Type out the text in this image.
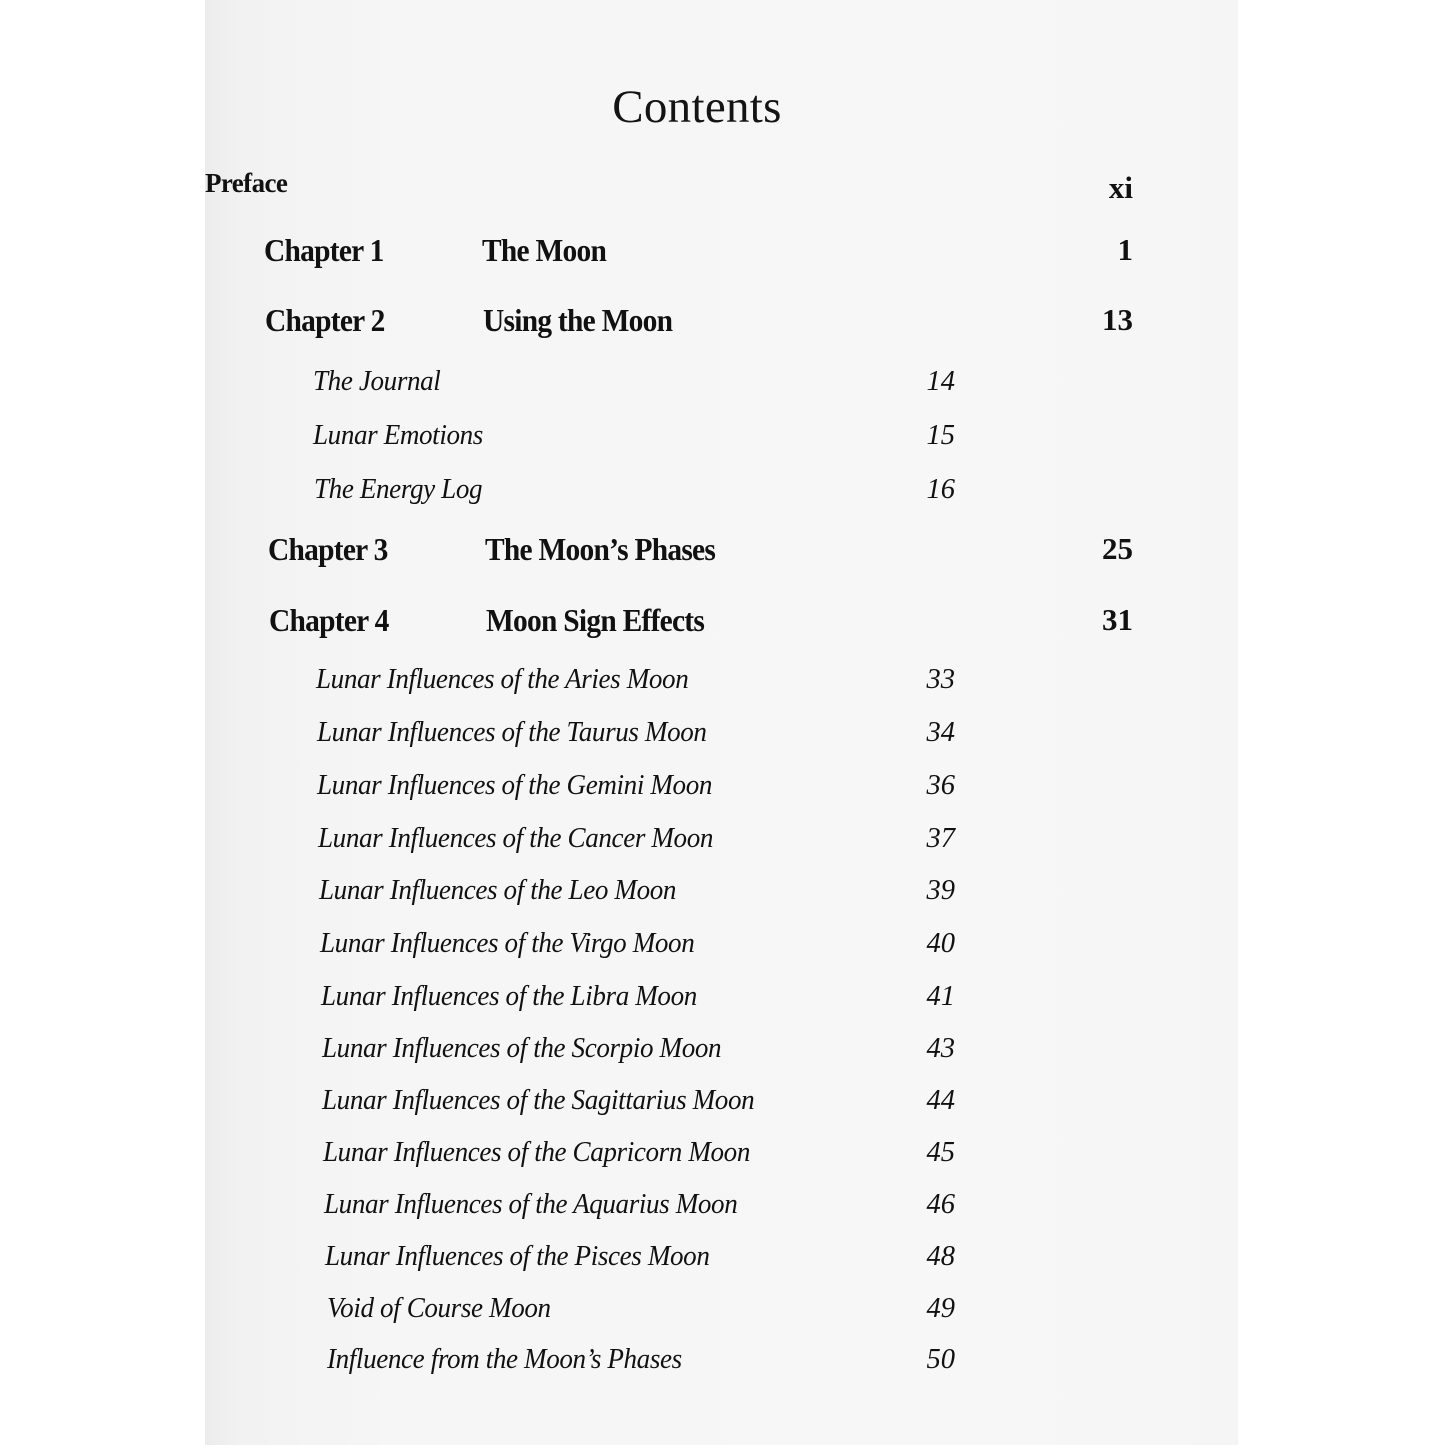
Contents
Preface	xi
Chapter 1	The Moon	1
Chapter 2	Using the Moon	13
The Journal	14
Lunar Emotions	15
The Energy Log	16
Chapter 3	The Moon’s Phases	25
Chapter 4	Moon Sign Effects	31
Lunar Influences of the Aries Moon	33
Lunar Influences of the Taurus Moon	34
Lunar Influences of the Gemini Moon	36
Lunar Influences of the Cancer Moon	37
Lunar Influences of the Leo Moon	39
Lunar Influences of the Virgo Moon	40
Lunar Influences of the Libra Moon	41
Lunar Influences of the Scorpio Moon	43
Lunar Influences of the Sagittarius Moon	44
Lunar Influences of the Capricorn Moon	45
Lunar Influences of the Aquarius Moon	46
Lunar Influences of the Pisces Moon	48
Void of Course Moon	49
Influence from the Moon’s Phases	50
